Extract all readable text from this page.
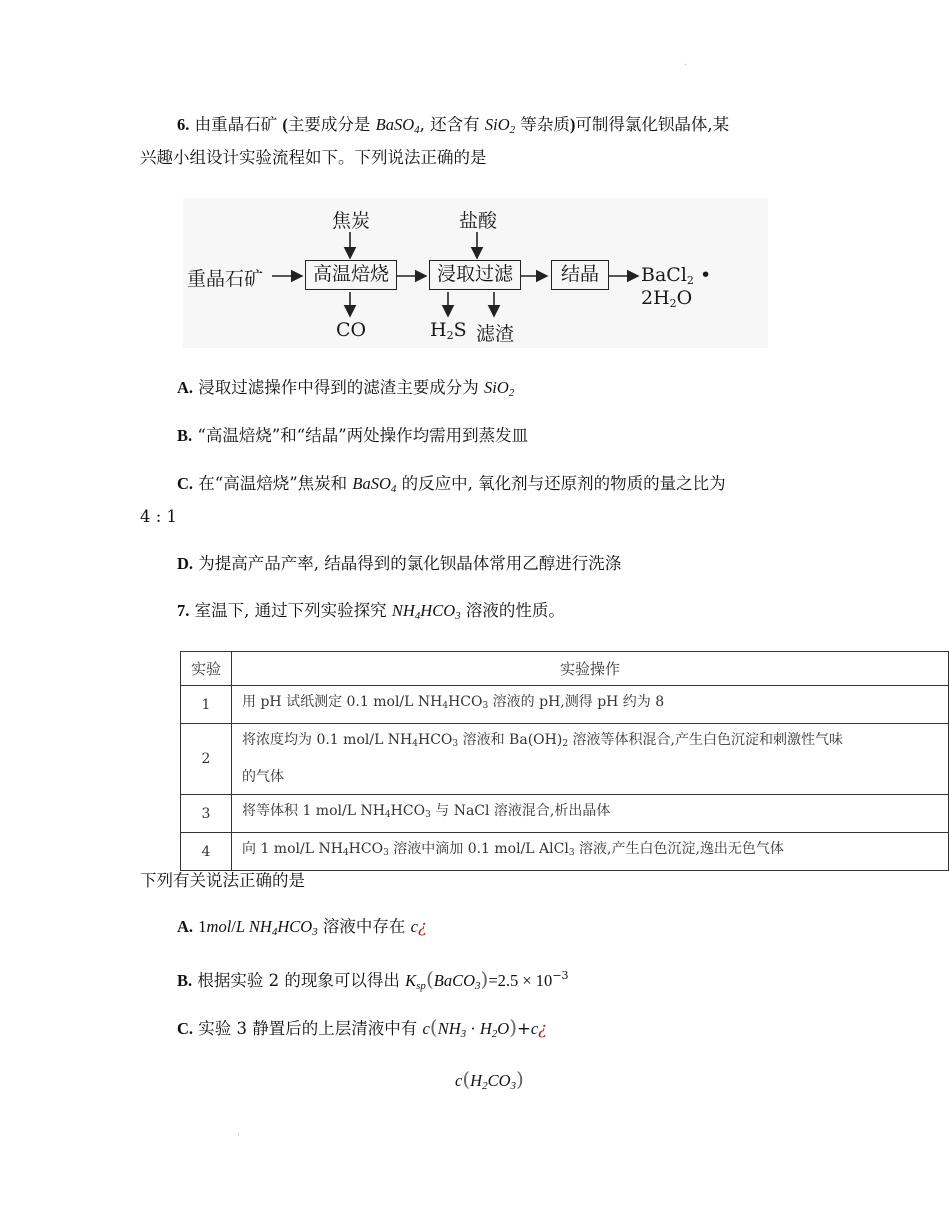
·
·
6. 由重晶石矿 (主要成分是 BaSO$_4$, 还含有 SiO$_2$ 等杂质)可制得氯化钡晶体,某
兴趣小组设计实验流程如下。下列说法正确的是
重晶石矿	高温焙烧	浸取过滤	结晶
焦炭	盐酸
CO	$H_2S$ 滤渣
BaCl$_2$ • $2H_2O$
A. 浸取过滤操作中得到的滤渣主要成分为 SiO$_2$
B. “高温焙烧”和“结晶”两处操作均需用到蒸发皿
C. 在“高温焙烧”焦炭和 BaSO$_4$ 的反应中, 氧化剂与还原剂的物质的量之比为
4 : 1
D. 为提高产品产率, 结晶得到的氯化钡晶体常用乙醇进行洗涤
7. 室温下, 通过下列实验探究 $NH_4HCO_3$ 溶液的性质。
实验	实验操作
1	用 pH 试纸测定 0.1 mol/L NH4HCO3 溶液的 pH,测得 pH 约为 8
2	将浓度均为 0.1 mol/L NH4HCO3 溶液和 Ba(OH)2 溶液等体积混合,产生白色沉淀和刺激性气味
的气体
3	将等体积 1 mol/L NH4HCO3 与 NaCl 溶液混合,析出晶体
4	向 1 mol/L NH4HCO3 溶液中滴加 0.1 mol/L AlCl3 溶液,产生白色沉淀,逸出无色气体
下列有关说法正确的是
A. 1mol/L $NH_4HCO_3$ 溶液中存在 c¿
B. 根据实验 2 的现象可以得出 $K_{sp}(BaCO_3)=2.5 \times 10^{-3}$
C. 实验 3 静置后的上层清液中有 $c(NH_3$ · $H_2O)+c¿$
$c(H_2CO_3)$
